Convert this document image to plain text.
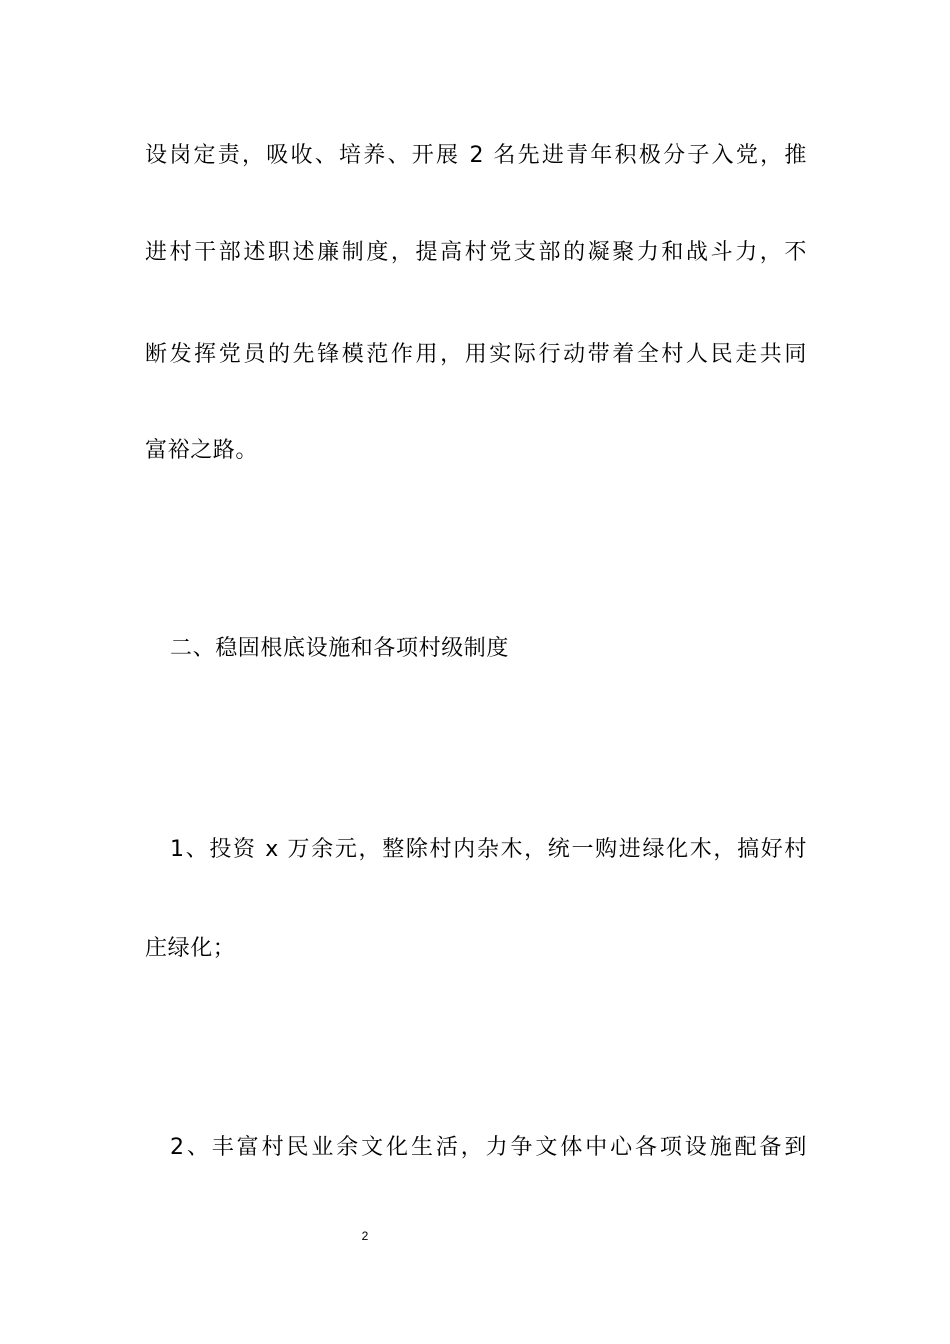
设岗定责，吸收、培养、开展 2 名先进青年积极分子入党，推
进村干部述职述廉制度，提高村党支部的凝聚力和战斗力，不
断发挥党员的先锋模范作用，用实际行动带着全村人民走共同
富裕之路。
二、稳固根底设施和各项村级制度
1、投资 x 万余元，整除村内杂木，统一购进绿化木，搞好村
庄绿化；
2、丰富村民业余文化生活，力争文体中心各项设施配备到
2
